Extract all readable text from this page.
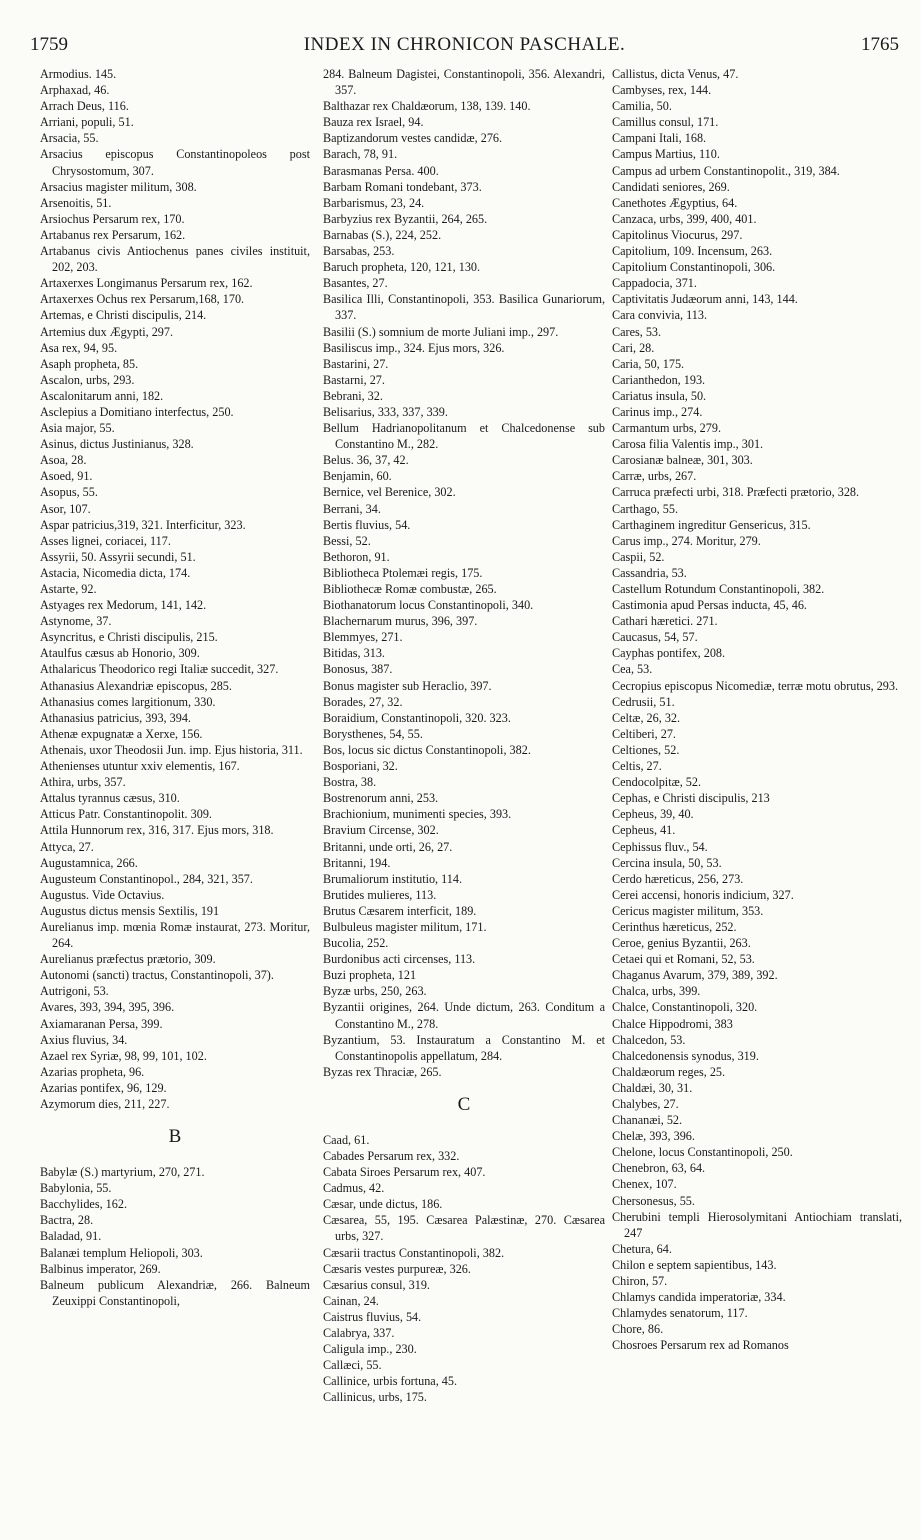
1759	INDEX IN CHRONICON PASCHALE.	1765
Armodius. 145.
Arphaxad, 46.
Arrach Deus, 116.
Arriani, populi, 51.
Arsacia, 55.
Arsacius episcopus Constantinopoleos post Chrysostomum, 307.
Arsacius magister militum, 308.
Arsenoitis, 51.
Arsiochus Persarum rex, 170.
Artabanus rex Persarum, 162.
Artabanus civis Antiochenus panes civiles instituit, 202, 203.
Artaxerxes Longimanus Persarum rex, 162.
Artaxerxes Ochus rex Persarum,168, 170.
Artemas, e Christi discipulis, 214.
Artemius dux Ægypti, 297.
Asa rex, 94, 95.
Asaph propheta, 85.
Ascalon, urbs, 293.
Ascalonitarum anni, 182.
Asclepius a Domitiano interfectus, 250.
Asia major, 55.
Asinus, dictus Justinianus, 328.
Asoa, 28.
Asoed, 91.
Asopus, 55.
Asor, 107.
Aspar patricius,319, 321. Interficitur, 323.
Asses lignei, coriacei, 117.
Assyrii, 50. Assyrii secundi, 51.
Astacia, Nicomedia dicta, 174.
Astarte, 92.
Astyages rex Medorum, 141, 142.
Astynome, 37.
Asyncritus, e Christi discipulis, 215.
Ataulfus cæsus ab Honorio, 309.
Athalaricus Theodorico regi Italiæ succedit, 327.
Athanasius Alexandriæ episcopus, 285.
Athanasius comes largitionum, 330.
Athanasius patricius, 393, 394.
Athenæ expugnatæ a Xerxe, 156.
Athenais, uxor Theodosii Jun. imp. Ejus historia, 311.
Athenienses utuntur xxiv elementis, 167.
Athira, urbs, 357.
Attalus tyrannus cæsus, 310.
Atticus Patr. Constantinopolit. 309.
Attila Hunnorum rex, 316, 317. Ejus mors, 318.
Attyca, 27.
Augustamnica, 266.
Augusteum Constantinopol., 284, 321, 357.
Augustus. Vide Octavius.
Augustus dictus mensis Sextilis, 191
Aurelianus imp. mœnia Romæ instaurat, 273. Moritur, 264.
Aurelianus præfectus prætorio, 309.
Autonomi (sancti) tractus, Constantinopoli, 37).
Autrigoni, 53.
Avares, 393, 394, 395, 396.
Axiamaranan Persa, 399.
Axius fluvius, 34.
Azael rex Syriæ, 98, 99, 101, 102.
Azarias propheta, 96.
Azarias pontifex, 96, 129.
Azymorum dies, 211, 227.
B
Babylæ (S.) martyrium, 270, 271.
Babylonia, 55.
Bacchylides, 162.
Bactra, 28.
Baladad, 91.
Balanæi templum Heliopoli, 303.
Balbinus imperator, 269.
Balneum publicum Alexandriæ, 266. Balneum Zeuxippi Constantinopoli,
284. Balneum Dagistei, Constantinopoli, 356. Alexandri, 357.
Balthazar rex Chaldæorum, 138, 139. 140.
Bauza rex Israel, 94.
Baptizandorum vestes candidæ, 276.
Barach, 78, 91.
Barasmanas Persa. 400.
Barbam Romani tondebant, 373.
Barbarismus, 23, 24.
Barbyzius rex Byzantii, 264, 265.
Barnabas (S.), 224, 252.
Barsabas, 253.
Baruch propheta, 120, 121, 130.
Basantes, 27.
Basilica Illi, Constantinopoli, 353. Basilica Gunariorum, 337.
Basilii (S.) somnium de morte Juliani imp., 297.
Basiliscus imp., 324. Ejus mors, 326.
Bastarini, 27.
Bastarni, 27.
Bebrani, 32.
Belisarius, 333, 337, 339.
Bellum Hadrianopolitanum et Chalcedonense sub Constantino M., 282.
Belus. 36, 37, 42.
Benjamin, 60.
Bernice, vel Berenice, 302.
Berrani, 34.
Bertis fluvius, 54.
Bessi, 52.
Bethoron, 91.
Bibliotheca Ptolemæi regis, 175.
Bibliothecæ Romæ combustæ, 265.
Biothanatorum locus Constantinopoli, 340.
Blachernarum murus, 396, 397.
Blemmyes, 271.
Bitidas, 313.
Bonosus, 387.
Bonus magister sub Heraclio, 397.
Borades, 27, 32.
Boraidium, Constantinopoli, 320. 323.
Borysthenes, 54, 55.
Bos, locus sic dictus Constantinopoli, 382.
Bosporiani, 32.
Bostra, 38.
Bostrenorum anni, 253.
Brachionium, munimenti species, 393.
Bravium Circense, 302.
Britanni, unde orti, 26, 27.
Britanni, 194.
Brumaliorum institutio, 114.
Brutides mulieres, 113.
Brutus Cæsarem interficit, 189.
Bulbuleus magister militum, 171.
Bucolia, 252.
Burdonibus acti circenses, 113.
Buzi propheta, 121
Byzæ urbs, 250, 263.
Byzantii origines, 264. Unde dictum, 263. Conditum a Constantino M., 278.
Byzantium, 53. Instauratum a Constantino M. et Constantinopolis appellatum, 284.
Byzas rex Thraciæ, 265.
C
Caad, 61.
Cabades Persarum rex, 332.
Cabata Siroes Persarum rex, 407.
Cadmus, 42.
Cæsar, unde dictus, 186.
Cæsarea, 55, 195. Cæsarea Palæstinæ, 270. Cæsarea urbs, 327.
Cæsarii tractus Constantinopoli, 382.
Cæsaris vestes purpureæ, 326.
Cæsarius consul, 319.
Cainan, 24.
Caistrus fluvius, 54.
Calabrya, 337.
Caligula imp., 230.
Callæci, 55.
Callinice, urbis fortuna, 45.
Callinicus, urbs, 175.
Callistus, dicta Venus, 47.
Cambyses, rex, 144.
Camilia, 50.
Camillus consul, 171.
Campani Itali, 168.
Campus Martius, 110.
Campus ad urbem Constantinopolit., 319, 384.
Candidati seniores, 269.
Canethotes Ægyptius, 64.
Canzaca, urbs, 399, 400, 401.
Capitolinus Viocurus, 297.
Capitolium, 109. Incensum, 263.
Capitolium Constantinopoli, 306.
Cappadocia, 371.
Captivitatis Judæorum anni, 143, 144.
Cara convivia, 113.
Cares, 53.
Cari, 28.
Caria, 50, 175.
Carianthedon, 193.
Cariatus insula, 50.
Carinus imp., 274.
Carmantum urbs, 279.
Carosa filia Valentis imp., 301.
Carosianæ balneæ, 301, 303.
Carræ, urbs, 267.
Carruca præfecti urbi, 318. Præfecti prætorio, 328.
Carthago, 55.
Carthaginem ingreditur Gensericus, 315.
Carus imp., 274. Moritur, 279.
Caspii, 52.
Cassandria, 53.
Castellum Rotundum Constantinopoli, 382.
Castimonia apud Persas inducta, 45, 46.
Cathari hæretici. 271.
Caucasus, 54, 57.
Cayphas pontifex, 208.
Cea, 53.
Cecropius episcopus Nicomediæ, terræ motu obrutus, 293.
Cedrusii, 51.
Celtæ, 26, 32.
Celtiberi, 27.
Celtiones, 52.
Celtis, 27.
Cendocolpitæ, 52.
Cephas, e Christi discipulis, 213
Cepheus, 39, 40.
Cepheus, 41.
Cephissus fluv., 54.
Cercina insula, 50, 53.
Cerdo hæreticus, 256, 273.
Cerei accensi, honoris indicium, 327.
Cericus magister militum, 353.
Cerinthus hæreticus, 252.
Ceroe, genius Byzantii, 263.
Cetaei qui et Romani, 52, 53.
Chaganus Avarum, 379, 389, 392.
Chalca, urbs, 399.
Chalce, Constantinopoli, 320.
Chalce Hippodromi, 383
Chalcedon, 53.
Chalcedonensis synodus, 319.
Chaldæorum reges, 25.
Chaldæi, 30, 31.
Chalybes, 27.
Chananæi, 52.
Chelæ, 393, 396.
Chelone, locus Constantinopoli, 250.
Chenebron, 63, 64.
Chenex, 107.
Chersonesus, 55.
Cherubini templi Hierosolymitani Antiochiam translati, 247
Chetura, 64.
Chilon e septem sapientibus, 143.
Chiron, 57.
Chlamys candida imperatoriæ, 334.
Chlamydes senatorum, 117.
Chore, 86.
Chosroes Persarum rex ad Romanos
